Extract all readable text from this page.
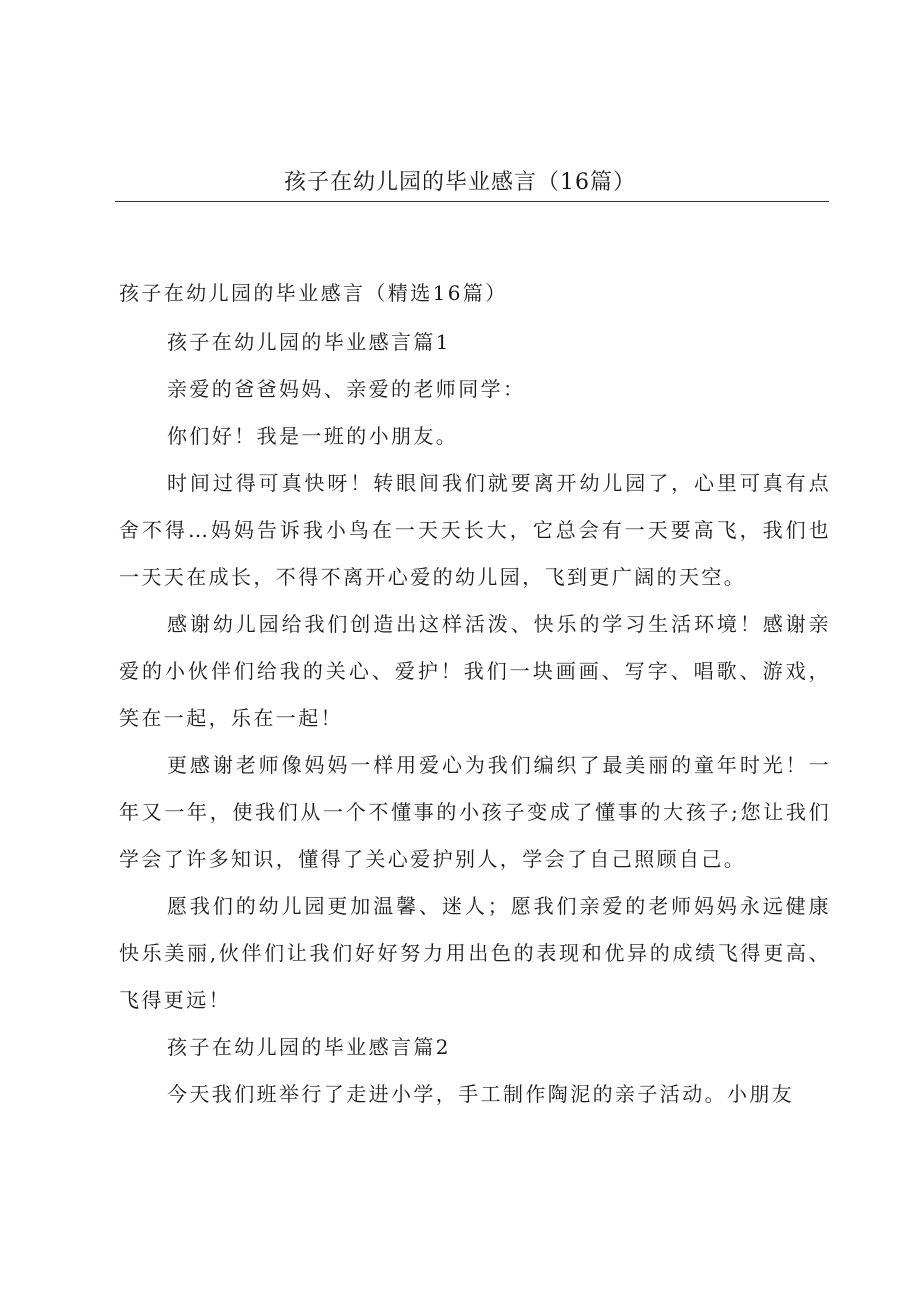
孩子在幼儿园的毕业感言（16篇）

孩子在幼儿园的毕业感言（精选16篇）

孩子在幼儿园的毕业感言篇1

亲爱的爸爸妈妈、亲爱的老师同学：

你们好！我是一班的小朋友。

时间过得可真快呀！转眼间我们就要离开幼儿园了，心里可真有点舍不得…妈妈告诉我小鸟在一天天长大，它总会有一天要高飞，我们也一天天在成长，不得不离开心爱的幼儿园，飞到更广阔的天空。

感谢幼儿园给我们创造出这样活泼、快乐的学习生活环境！感谢亲爱的小伙伴们给我的关心、爱护！我们一块画画、写字、唱歌、游戏，笑在一起，乐在一起！

更感谢老师像妈妈一样用爱心为我们编织了最美丽的童年时光！一年又一年，使我们从一个不懂事的小孩子变成了懂事的大孩子;您让我们学会了许多知识，懂得了关心爱护别人，学会了自己照顾自己。

愿我们的幼儿园更加温馨、迷人；愿我们亲爱的老师妈妈永远健康快乐美丽,伙伴们让我们好好努力用出色的表现和优异的成绩飞得更高、飞得更远！

孩子在幼儿园的毕业感言篇2

今天我们班举行了走进小学，手工制作陶泥的亲子活动。小朋友
